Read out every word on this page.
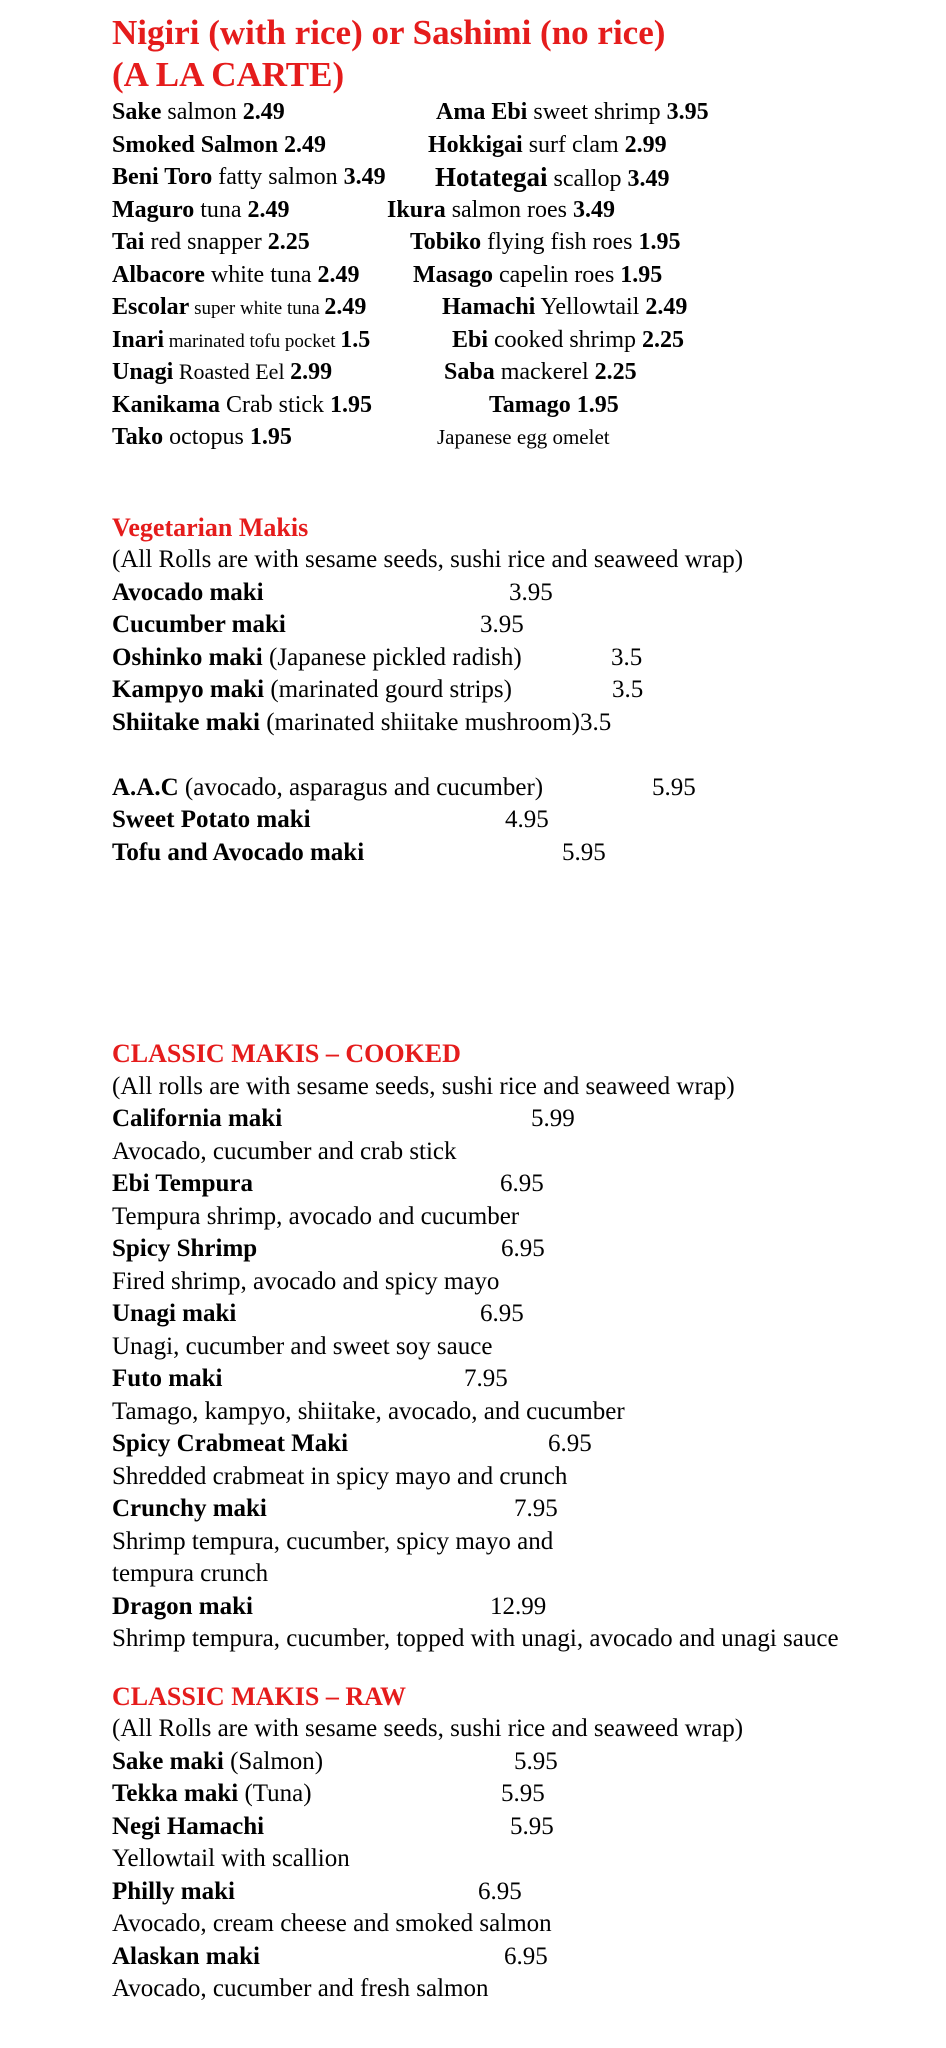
Nigiri (with rice) or Sashimi (no rice)
(A LA CARTE)
Sake salmon 2.49	Ama Ebi sweet shrimp 3.95
Smoked Salmon 2.49	Hokkigai surf clam 2.99
Beni Toro fatty salmon 3.49 Hotategai scallop 3.49
Maguro tuna 2.49	Ikura salmon roes 3.49
Tai red snapper 2.25	Tobiko flying fish roes 1.95
Albacore white tuna 2.49 Masago capelin roes 1.95
Escolar super white tuna 2.49	Hamachi Yellowtail 2.49
Inari marinated tofu pocket 1.5	Ebi cooked shrimp 2.25
Unagi Roasted Eel 2.99	Saba mackerel 2.25
Kanikama Crab stick 1.95	Tamago 1.95
Tako octopus 1.95	Japanese egg omelet
Vegetarian Makis
(All Rolls are with sesame seeds, sushi rice and seaweed wrap)
Avocado maki	3.95
Cucumber maki	3.95
Oshinko maki (Japanese pickled radish)	3.5
Kampyo maki (marinated gourd strips)	3.5
Shiitake maki (marinated shiitake mushroom)3.5
A.A.C (avocado, asparagus and cucumber)	5.95
Sweet Potato maki	4.95
Tofu and Avocado maki	5.95
CLASSIC MAKIS – COOKED
(All rolls are with sesame seeds, sushi rice and seaweed wrap)
California maki	5.99
Avocado, cucumber and crab stick
Ebi Tempura	6.95
Tempura shrimp, avocado and cucumber
Spicy Shrimp	6.95
Fired shrimp, avocado and spicy mayo
Unagi maki	6.95
Unagi, cucumber and sweet soy sauce
Futo maki	7.95
Tamago, kampyo, shiitake, avocado, and cucumber
Spicy Crabmeat Maki	6.95
Shredded crabmeat in spicy mayo and crunch
Crunchy maki	7.95
Shrimp tempura, cucumber, spicy mayo and tempura crunch
Dragon maki	12.99
Shrimp tempura, cucumber, topped with unagi, avocado and unagi sauce
CLASSIC MAKIS – RAW
(All Rolls are with sesame seeds, sushi rice and seaweed wrap)
Sake maki (Salmon)	5.95
Tekka maki (Tuna)	5.95
Negi Hamachi	5.95
Yellowtail with scallion
Philly maki	6.95
Avocado, cream cheese and smoked salmon
Alaskan maki	6.95
Avocado, cucumber and fresh salmon
